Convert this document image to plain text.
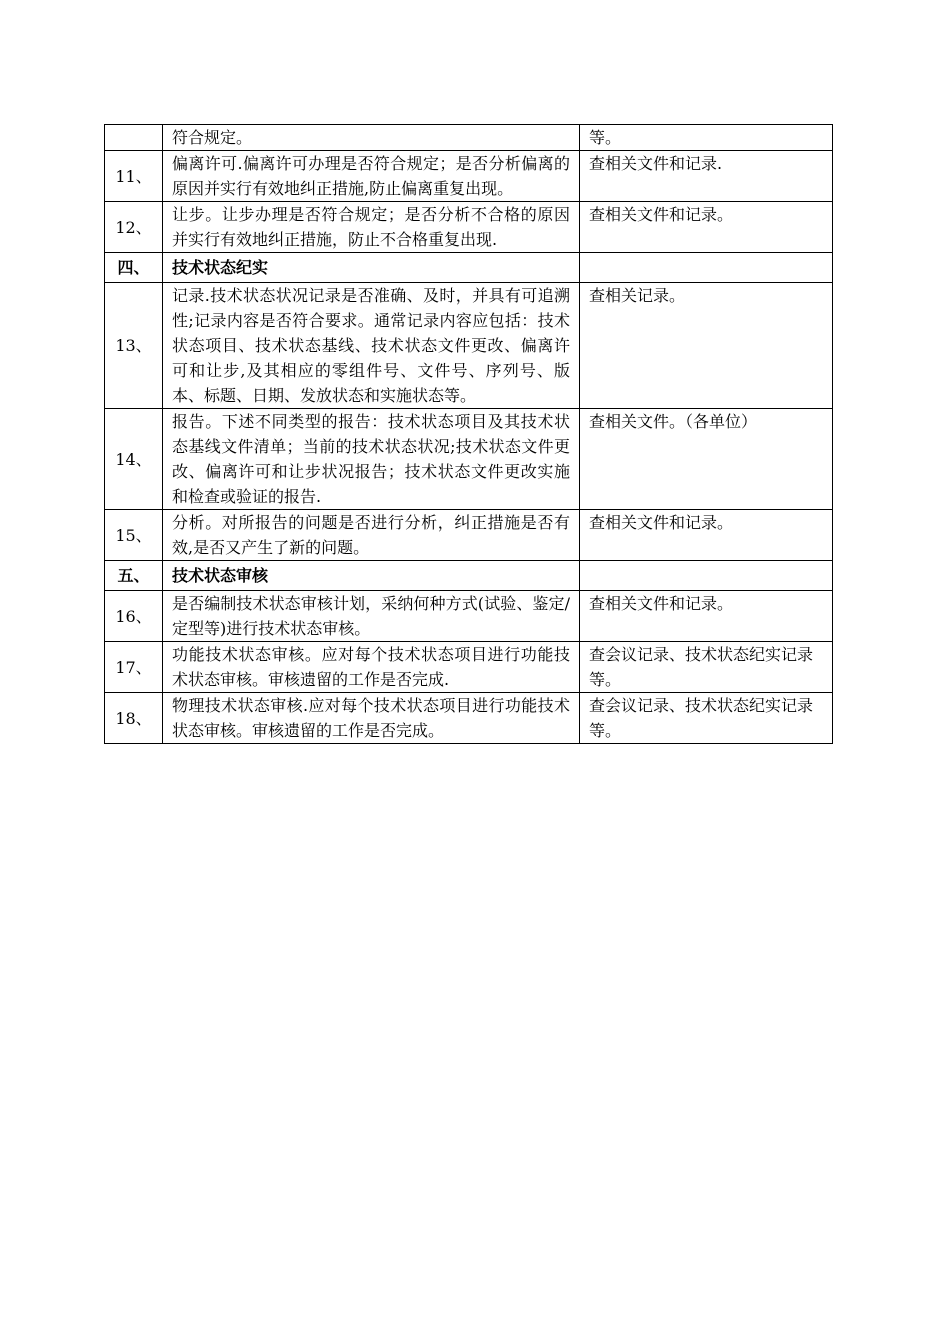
	符合规定。	等。
11、	偏离许可.偏离许可办理是否符合规定；是否分析偏离的原因并实行有效地纠正措施,防止偏离重复出现。	查相关文件和记录.
12、	让步。让步办理是否符合规定；是否分析不合格的原因并实行有效地纠正措施，防止不合格重复出现.	查相关文件和记录。
四、	技术状态纪实	
13、	记录.技术状态状况记录是否准确、及时，并具有可追溯性;记录内容是否符合要求。通常记录内容应包括：技术状态项目、技术状态基线、技术状态文件更改、偏离许可和让步,及其相应的零组件号、文件号、序列号、版本、标题、日期、发放状态和实施状态等。	查相关记录。
14、	报告。下述不同类型的报告：技术状态项目及其技术状态基线文件清单；当前的技术状态状况;技术状态文件更改、偏离许可和让步状况报告；技术状态文件更改实施和检查或验证的报告.	查相关文件。（各单位）
15、	分析。对所报告的问题是否进行分析，纠正措施是否有效,是否又产生了新的问题。	查相关文件和记录。
五、	技术状态审核	
16、	是否编制技术状态审核计划，采纳何种方式(试验、鉴定/定型等)进行技术状态审核。	查相关文件和记录。
17、	功能技术状态审核。应对每个技术状态项目进行功能技术状态审核。审核遗留的工作是否完成.	查会议记录、技术状态纪实记录等。
18、	物理技术状态审核.应对每个技术状态项目进行功能技术状态审核。审核遗留的工作是否完成。	查会议记录、技术状态纪实记录等。
